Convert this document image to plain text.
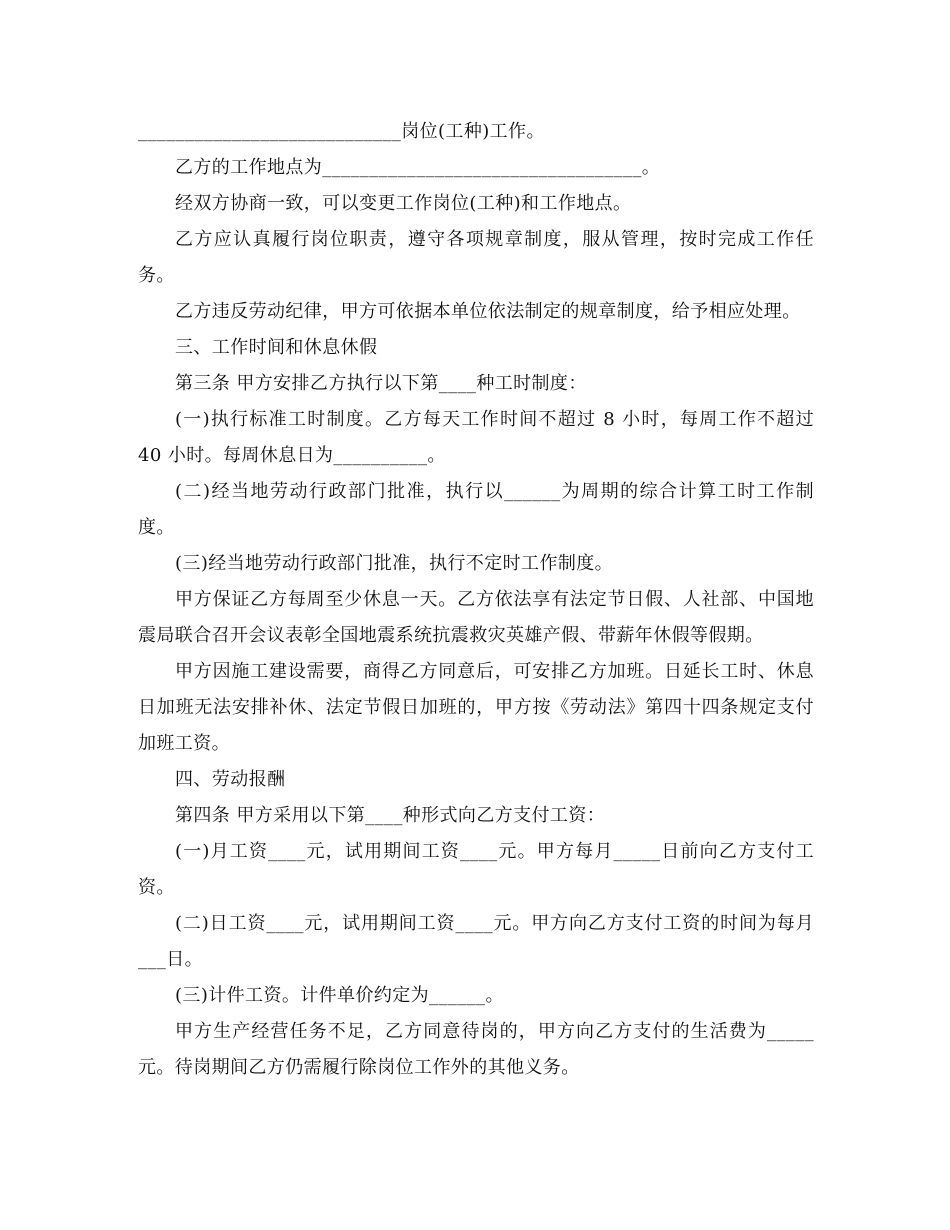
____________________________岗位(工种)工作。

乙方的工作地点为__________________________________。

经双方协商一致，可以变更工作岗位(工种)和工作地点。

乙方应认真履行岗位职责，遵守各项规章制度，服从管理，按时完成工作任务。

乙方违反劳动纪律，甲方可依据本单位依法制定的规章制度，给予相应处理。

三、工作时间和休息休假

第三条 甲方安排乙方执行以下第____种工时制度：

(一)执行标准工时制度。乙方每天工作时间不超过 8 小时，每周工作不超过 40 小时。每周休息日为__________。

(二)经当地劳动行政部门批准，执行以______为周期的综合计算工时工作制度。

(三)经当地劳动行政部门批准，执行不定时工作制度。

甲方保证乙方每周至少休息一天。乙方依法享有法定节日假、人社部、中国地震局联合召开会议表彰全国地震系统抗震救灾英雄产假、带薪年休假等假期。

甲方因施工建设需要，商得乙方同意后，可安排乙方加班。日延长工时、休息日加班无法安排补休、法定节假日加班的，甲方按《劳动法》第四十四条规定支付加班工资。

四、劳动报酬

第四条 甲方采用以下第____种形式向乙方支付工资：

(一)月工资____元，试用期间工资____元。甲方每月_____日前向乙方支付工资。

(二)日工资____元，试用期间工资____元。甲方向乙方支付工资的时间为每月___日。

(三)计件工资。计件单价约定为______。

甲方生产经营任务不足，乙方同意待岗的，甲方向乙方支付的生活费为_____元。待岗期间乙方仍需履行除岗位工作外的其他义务。
